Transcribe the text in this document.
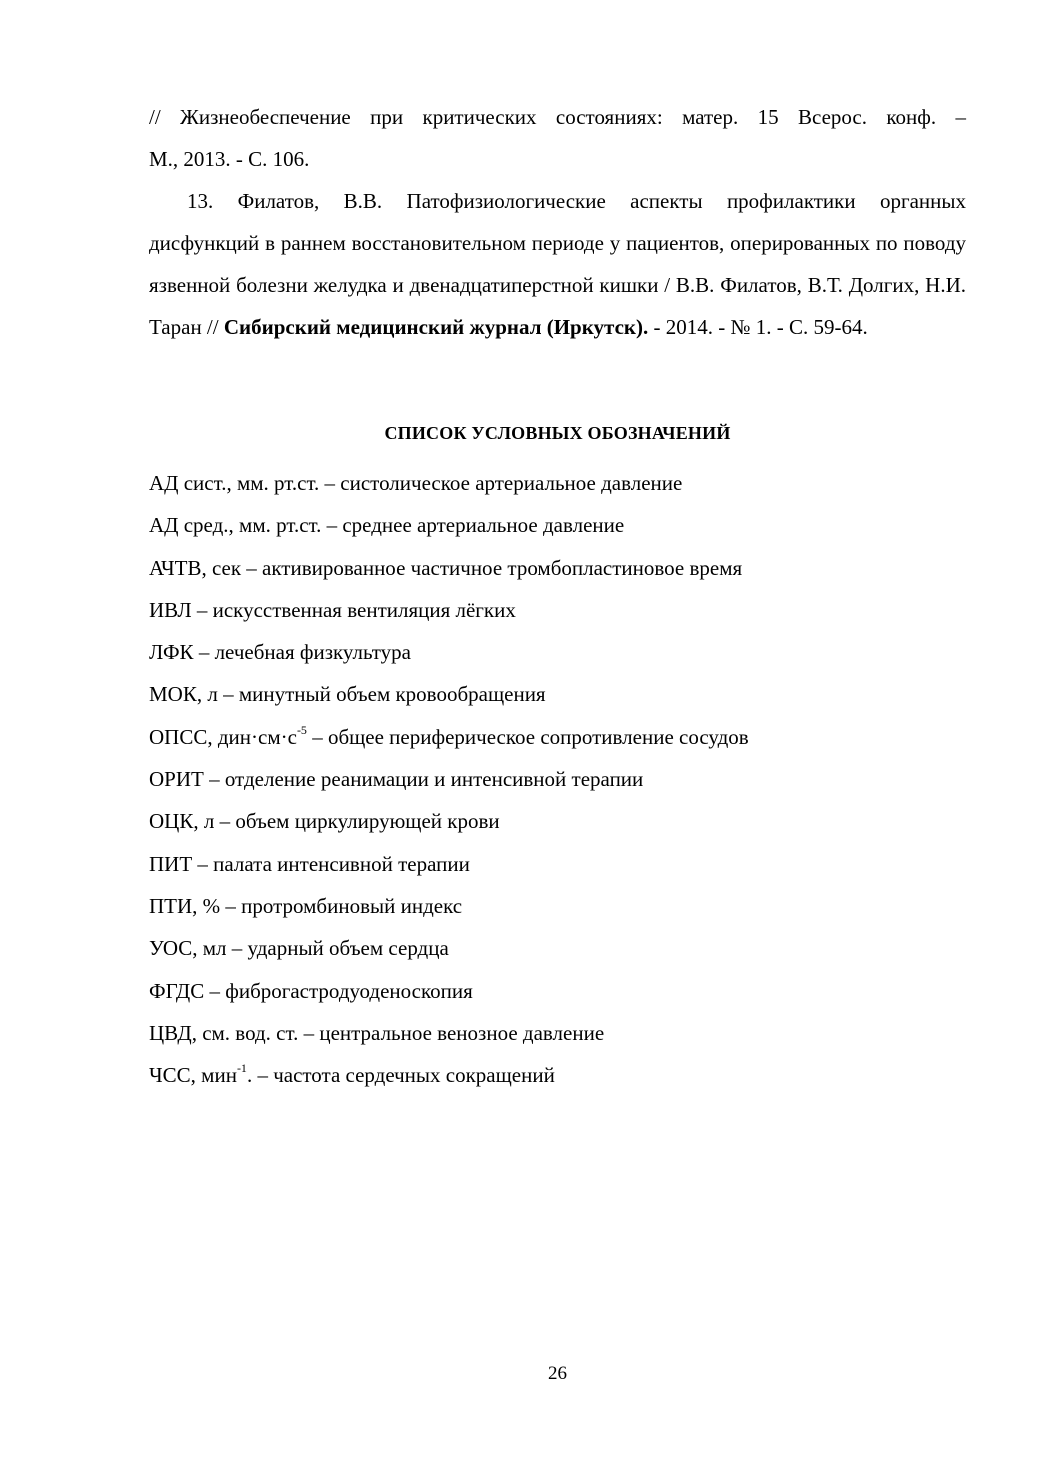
// Жизнеобеспечение при критических состояниях: матер. 15 Всерос. конф. –
М., 2013. - С. 106.
13. Филатов, В.В. Патофизиологические аспекты профилактики органных дисфункций в раннем восстановительном периоде у пациентов, оперированных по поводу язвенной болезни желудка и двенадцатиперстной кишки / В.В. Филатов, В.Т. Долгих, Н.И. Таран // Сибирский медицинский журнал (Иркутск). - 2014. - № 1. - С. 59-64.
СПИСОК УСЛОВНЫХ ОБОЗНАЧЕНИЙ
АД сист., мм. рт.ст. – систолическое артериальное давление
АД сред., мм. рт.ст. – среднее артериальное давление
АЧТВ, сек – активированное частичное тромбопластиновое время
ИВЛ – искусственная вентиляция лёгких
ЛФК – лечебная физкультура
МОК, л – минутный объем кровообращения
ОПСС, $дин\cdot см\cdot с^{-5}$ – общее периферическое сопротивление сосудов
ОРИТ – отделение реанимации и интенсивной терапии
ОЦК, л – объем циркулирующей крови
ПИТ – палата интенсивной терапии
ПТИ, % – протромбиновый индекс
УОС, мл – ударный объем сердца
ФГДС – фиброгастродуоденоскопия
ЦВД, см. вод. ст. – центральное венозное давление
ЧСС, мин$^{-1}$. – частота сердечных сокращений
26
